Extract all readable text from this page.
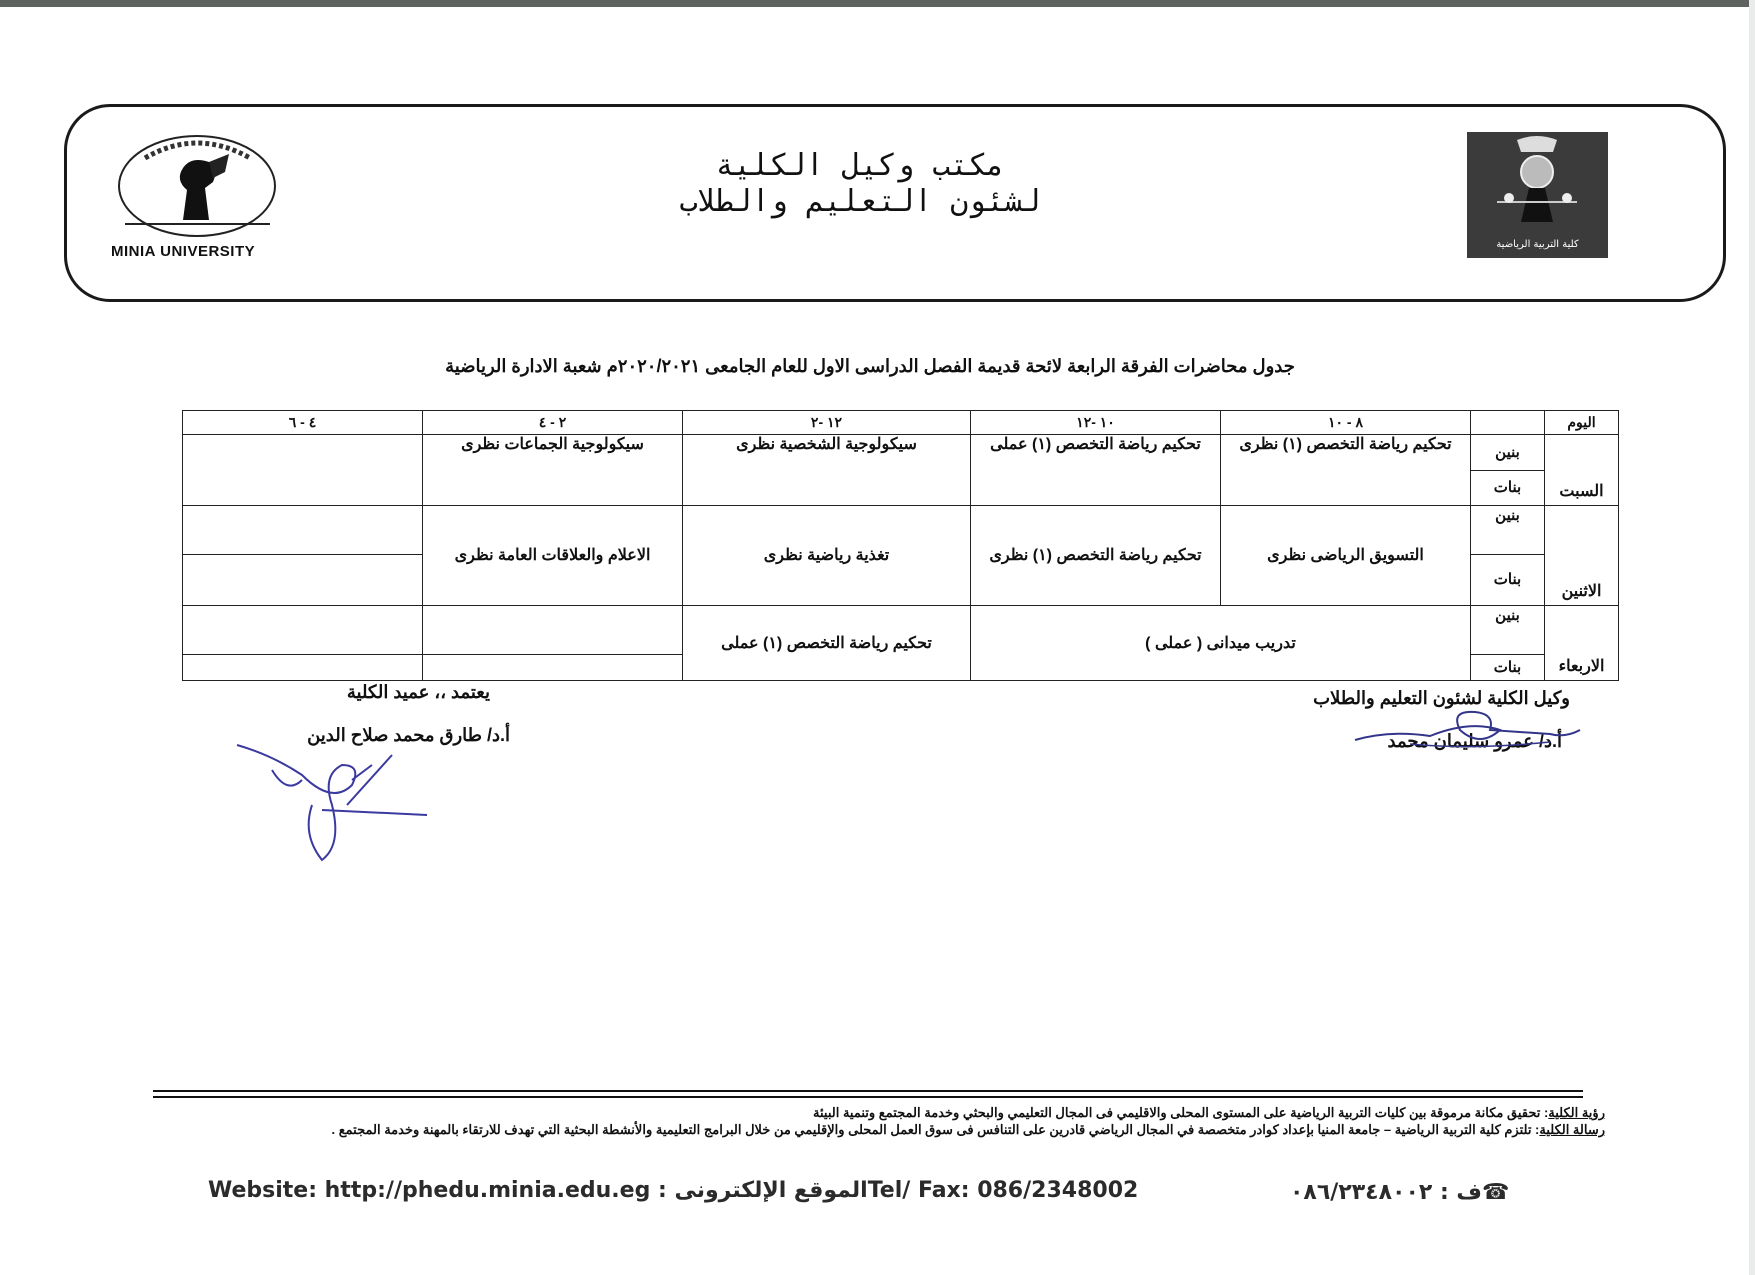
MINIA UNIVERSITY
مكتب وكيل الكلية
لشئون التعليم والطلاب
كلية التربية الرياضية
جدول محاضرات الفرقة الرابعة لائحة قديمة الفصل الدراسى الاول للعام الجامعى ٢٠٢٠/٢٠٢١م شعبة الادارة الرياضية
اليوم		٨ - ١٠	١٠ -١٢	١٢ -٢	٢ - ٤	٤ - ٦
السبت	بنين	تحكيم رياضة التخصص (١) نظرى	تحكيم رياضة التخصص (١) عملى	سيكولوجية الشخصية نظرى	سيكولوجية الجماعات نظرى	
	بنات					
الاثنين	بنين	التسويق الرياضى نظرى	تحكيم رياضة التخصص (١) نظرى	تغذية رياضية نظرى	الاعلام والعلاقات العامة نظرى	
	بنات					
الاربعاء	بنين	تدريب ميدانى ( عملى )		تحكيم رياضة التخصص (١) عملى		
	بنات					
وكيل الكلية لشئون التعليم والطلاب
أ.د/ عمرو سليمان محمد
يعتمد ،، عميد الكلية
أ.د/ طارق محمد صلاح الدين
رؤية الكلية: تحقيق مكانة مرموقة بين كليات التربية الرياضية على المستوى المحلى والاقليمي فى المجال التعليمي والبحثي وخدمة المجتمع وتنمية البيئة
رسالة الكلية: تلتزم كلية التربية الرياضية – جامعة المنيا بإعداد كوادر متخصصة في المجال الرياضي قادرين على التنافس فى سوق العمل المحلى والإقليمي من خلال البرامج التعليمية والأنشطة البحثية التي تهدف للارتقاء بالمهنة وخدمة المجتمع .
Website: http://phedu.minia.edu.eg : الموقع الإلكترونىTel/ Fax: 086/2348002	☎ف : ٠٨٦/٢٣٤٨٠٠٢
